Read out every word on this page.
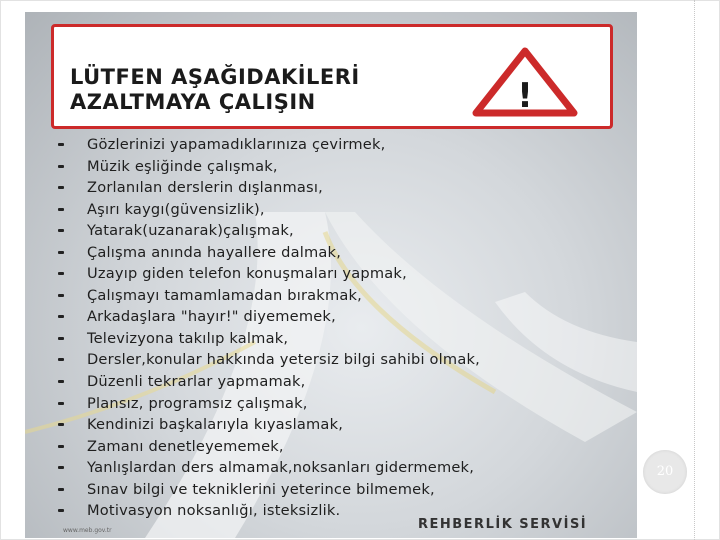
LÜTFEN AŞAĞIDAKİLERİ
AZALTMAYA ÇALIŞIN	!
Gözlerinizi yapamadıklarınıza çevirmek,
Müzik eşliğinde çalışmak,
Zorlanılan derslerin dışlanması,
Aşırı kaygı(güvensizlik),
Yatarak(uzanarak)çalışmak,
Çalışma anında hayallere dalmak,
Uzayıp giden telefon konuşmaları yapmak,
Çalışmayı tamamlamadan bırakmak,
Arkadaşlara "hayır!" diyememek,
Televizyona takılıp kalmak,
Dersler,konular hakkında yetersiz bilgi sahibi olmak,
Düzenli tekrarlar yapmamak,
Plansız, programsız çalışmak,
Kendinizi başkalarıyla kıyaslamak,
Zamanı denetleyememek,
Yanlışlardan ders almamak,noksanları gidermemek,
Sınav bilgi ve tekniklerini yeterince bilmemek,
Motivasyon noksanlığı, isteksizlik.
www.meb.gov.tr	REHBERLİK SERVİSİ
20
